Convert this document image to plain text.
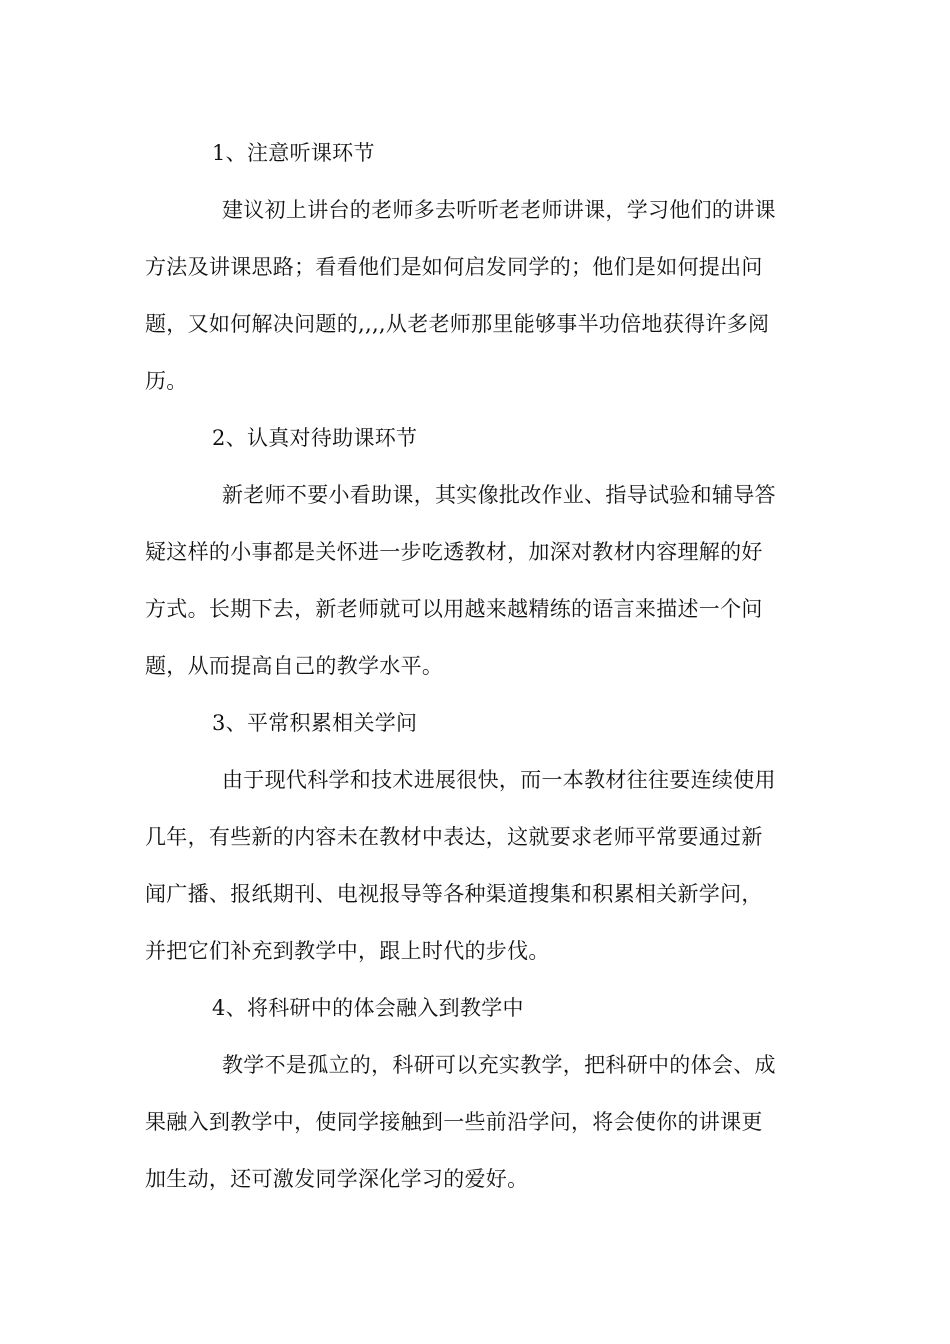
1、注意听课环节
建议初上讲台的老师多去听听老老师讲课，学习他们的讲课
方法及讲课思路；看看他们是如何启发同学的；他们是如何提出问
题，又如何解决问题的,,,,从老老师那里能够事半功倍地获得许多阅
历。
2、认真对待助课环节
新老师不要小看助课，其实像批改作业、指导试验和辅导答
疑这样的小事都是关怀进一步吃透教材，加深对教材内容理解的好
方式。长期下去，新老师就可以用越来越精练的语言来描述一个问
题，从而提高自己的教学水平。
3、平常积累相关学问
由于现代科学和技术进展很快，而一本教材往往要连续使用
几年，有些新的内容未在教材中表达，这就要求老师平常要通过新
闻广播、报纸期刊、电视报导等各种渠道搜集和积累相关新学问，
并把它们补充到教学中，跟上时代的步伐。
4、将科研中的体会融入到教学中
教学不是孤立的，科研可以充实教学，把科研中的体会、成
果融入到教学中，使同学接触到一些前沿学问，将会使你的讲课更
加生动，还可激发同学深化学习的爱好。
